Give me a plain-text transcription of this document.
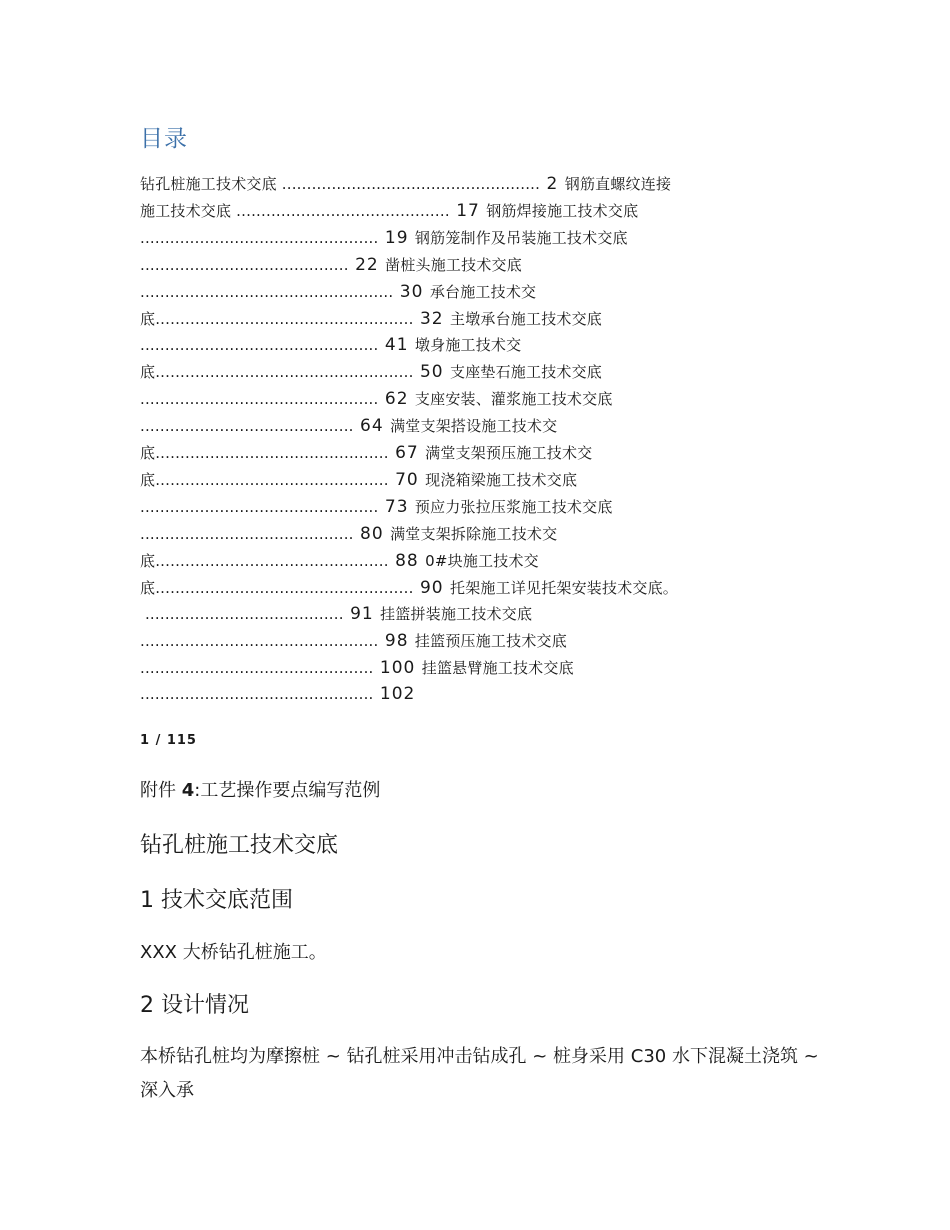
目录
钻孔桩施工技术交底 .................................................... 2 钢筋直螺纹连接
施工技术交底 ........................................... 17 钢筋焊接施工技术交底
................................................ 19 钢筋笼制作及吊装施工技术交底
.......................................... 22 凿桩头施工技术交底
................................................... 30 承台施工技术交
底.................................................... 32 主墩承台施工技术交底
................................................ 41 墩身施工技术交
底.................................................... 50 支座垫石施工技术交底
................................................ 62 支座安装、灌浆施工技术交底
........................................... 64 满堂支架搭设施工技术交
底............................................... 67 满堂支架预压施工技术交
底............................................... 70 现浇箱梁施工技术交底
................................................ 73 预应力张拉压浆施工技术交底
........................................... 80 满堂支架拆除施工技术交
底............................................... 88 0#块施工技术交
底.................................................... 90 托架施工详见托架安装技术交底。
........................................ 91 挂篮拼装施工技术交底
................................................ 98 挂篮预压施工技术交底
............................................... 100 挂篮悬臂施工技术交底
............................................... 102
1 / 115
附件 4:工艺操作要点编写范例
钻孔桩施工技术交底
1 技术交底范围
XXX 大桥钻孔桩施工。
2 设计情况
本桥钻孔桩均为摩擦桩 ~ 钻孔桩采用冲击钻成孔 ~ 桩身采用 C30 水下混凝土浇筑 ~ 深入承
